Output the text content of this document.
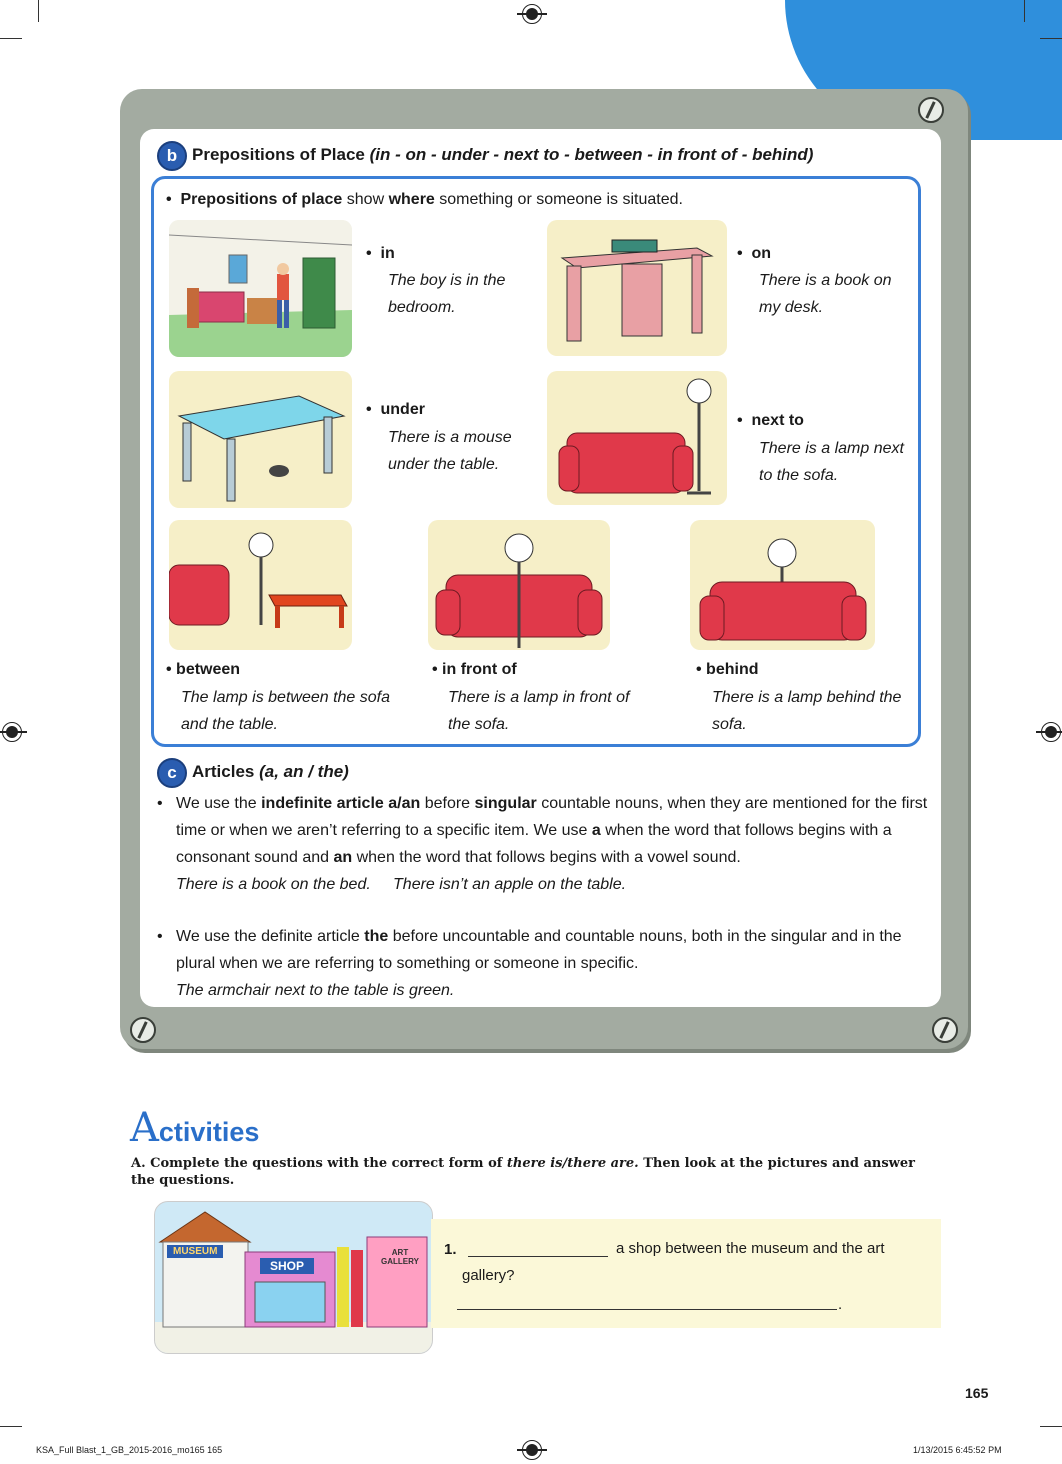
b Prepositions of Place (in - on - under - next to - between - in front of - behind)
• Prepositions of place show where something or someone is situated.
•  in
The boy is in the bedroom.
•  on
There is a book on my desk.
•  under
There is a mouse under the table.
•  next to
There is a lamp next to the sofa.
• between
The lamp is between the sofa and the table.
• in front of
There is a lamp in front of the sofa.
• behind
There is a lamp behind the sofa.
c Articles (a, an / the)
• We use the indefinite article a/an before singular countable nouns, when they are mentioned for the first time or when we aren’t referring to a specific item. We use a when the word that follows begins with a consonant sound and an when the word that follows begins with a vowel sound.
There is a book on the bed. There isn’t an apple on the table.
• We use the definite article the before uncountable and countable nouns, both in the singular and in the plural when we are referring to something or someone in specific.
The armchair next to the table is green.
Activities
A. Complete the questions with the correct form of there is/there are. Then look at the pictures and answer the questions.
MUSEUM
SHOP
ART
GALLERY
1.	a shop between the museum and the art
gallery?
.
165
KSA_Full Blast_1_GB_2015-2016_mo165 165	1/13/2015 6:45:52 PM
